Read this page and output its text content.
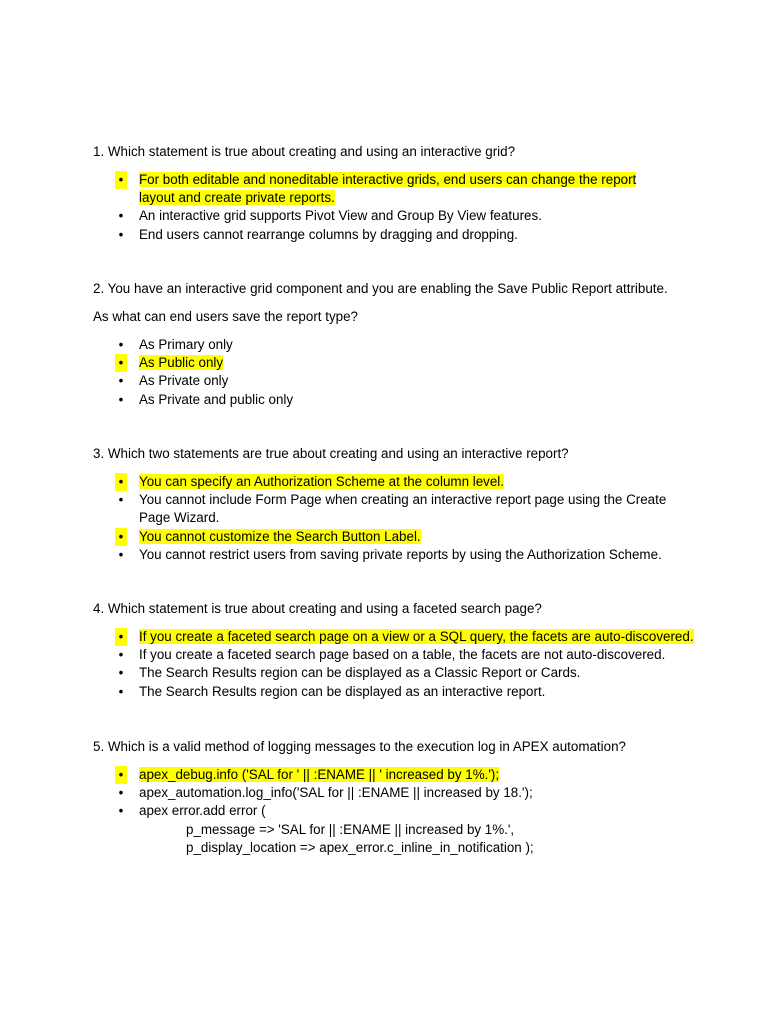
1. Which statement is true about creating and using an interactive grid?

• For both editable and noneditable interactive grids, end users can change the report layout and create private reports.
• An interactive grid supports Pivot View and Group By View features.
• End users cannot rearrange columns by dragging and dropping.

2. You have an interactive grid component and you are enabling the Save Public Report attribute.

As what can end users save the report type?

• As Primary only
• As Public only
• As Private only
• As Private and public only

3. Which two statements are true about creating and using an interactive report?

• You can specify an Authorization Scheme at the column level.
• You cannot include Form Page when creating an interactive report page using the Create Page Wizard.
• You cannot customize the Search Button Label.
• You cannot restrict users from saving private reports by using the Authorization Scheme.

4. Which statement is true about creating and using a faceted search page?

• If you create a faceted search page on a view or a SQL query, the facets are auto-discovered.
• If you create a faceted search page based on a table, the facets are not auto-discovered.
• The Search Results region can be displayed as a Classic Report or Cards.
• The Search Results region can be displayed as an interactive report.

5. Which is a valid method of logging messages to the execution log in APEX automation?

• apex_debug.info ('SAL for ' || :ENAME || ' increased by 1%.');
• apex_automation.log_info('SAL for || :ENAME || increased by 18.');
• apex error.add error (
p_message => 'SAL for || :ENAME || increased by 1%.',
p_display_location => apex_error.c_inline_in_notification );
